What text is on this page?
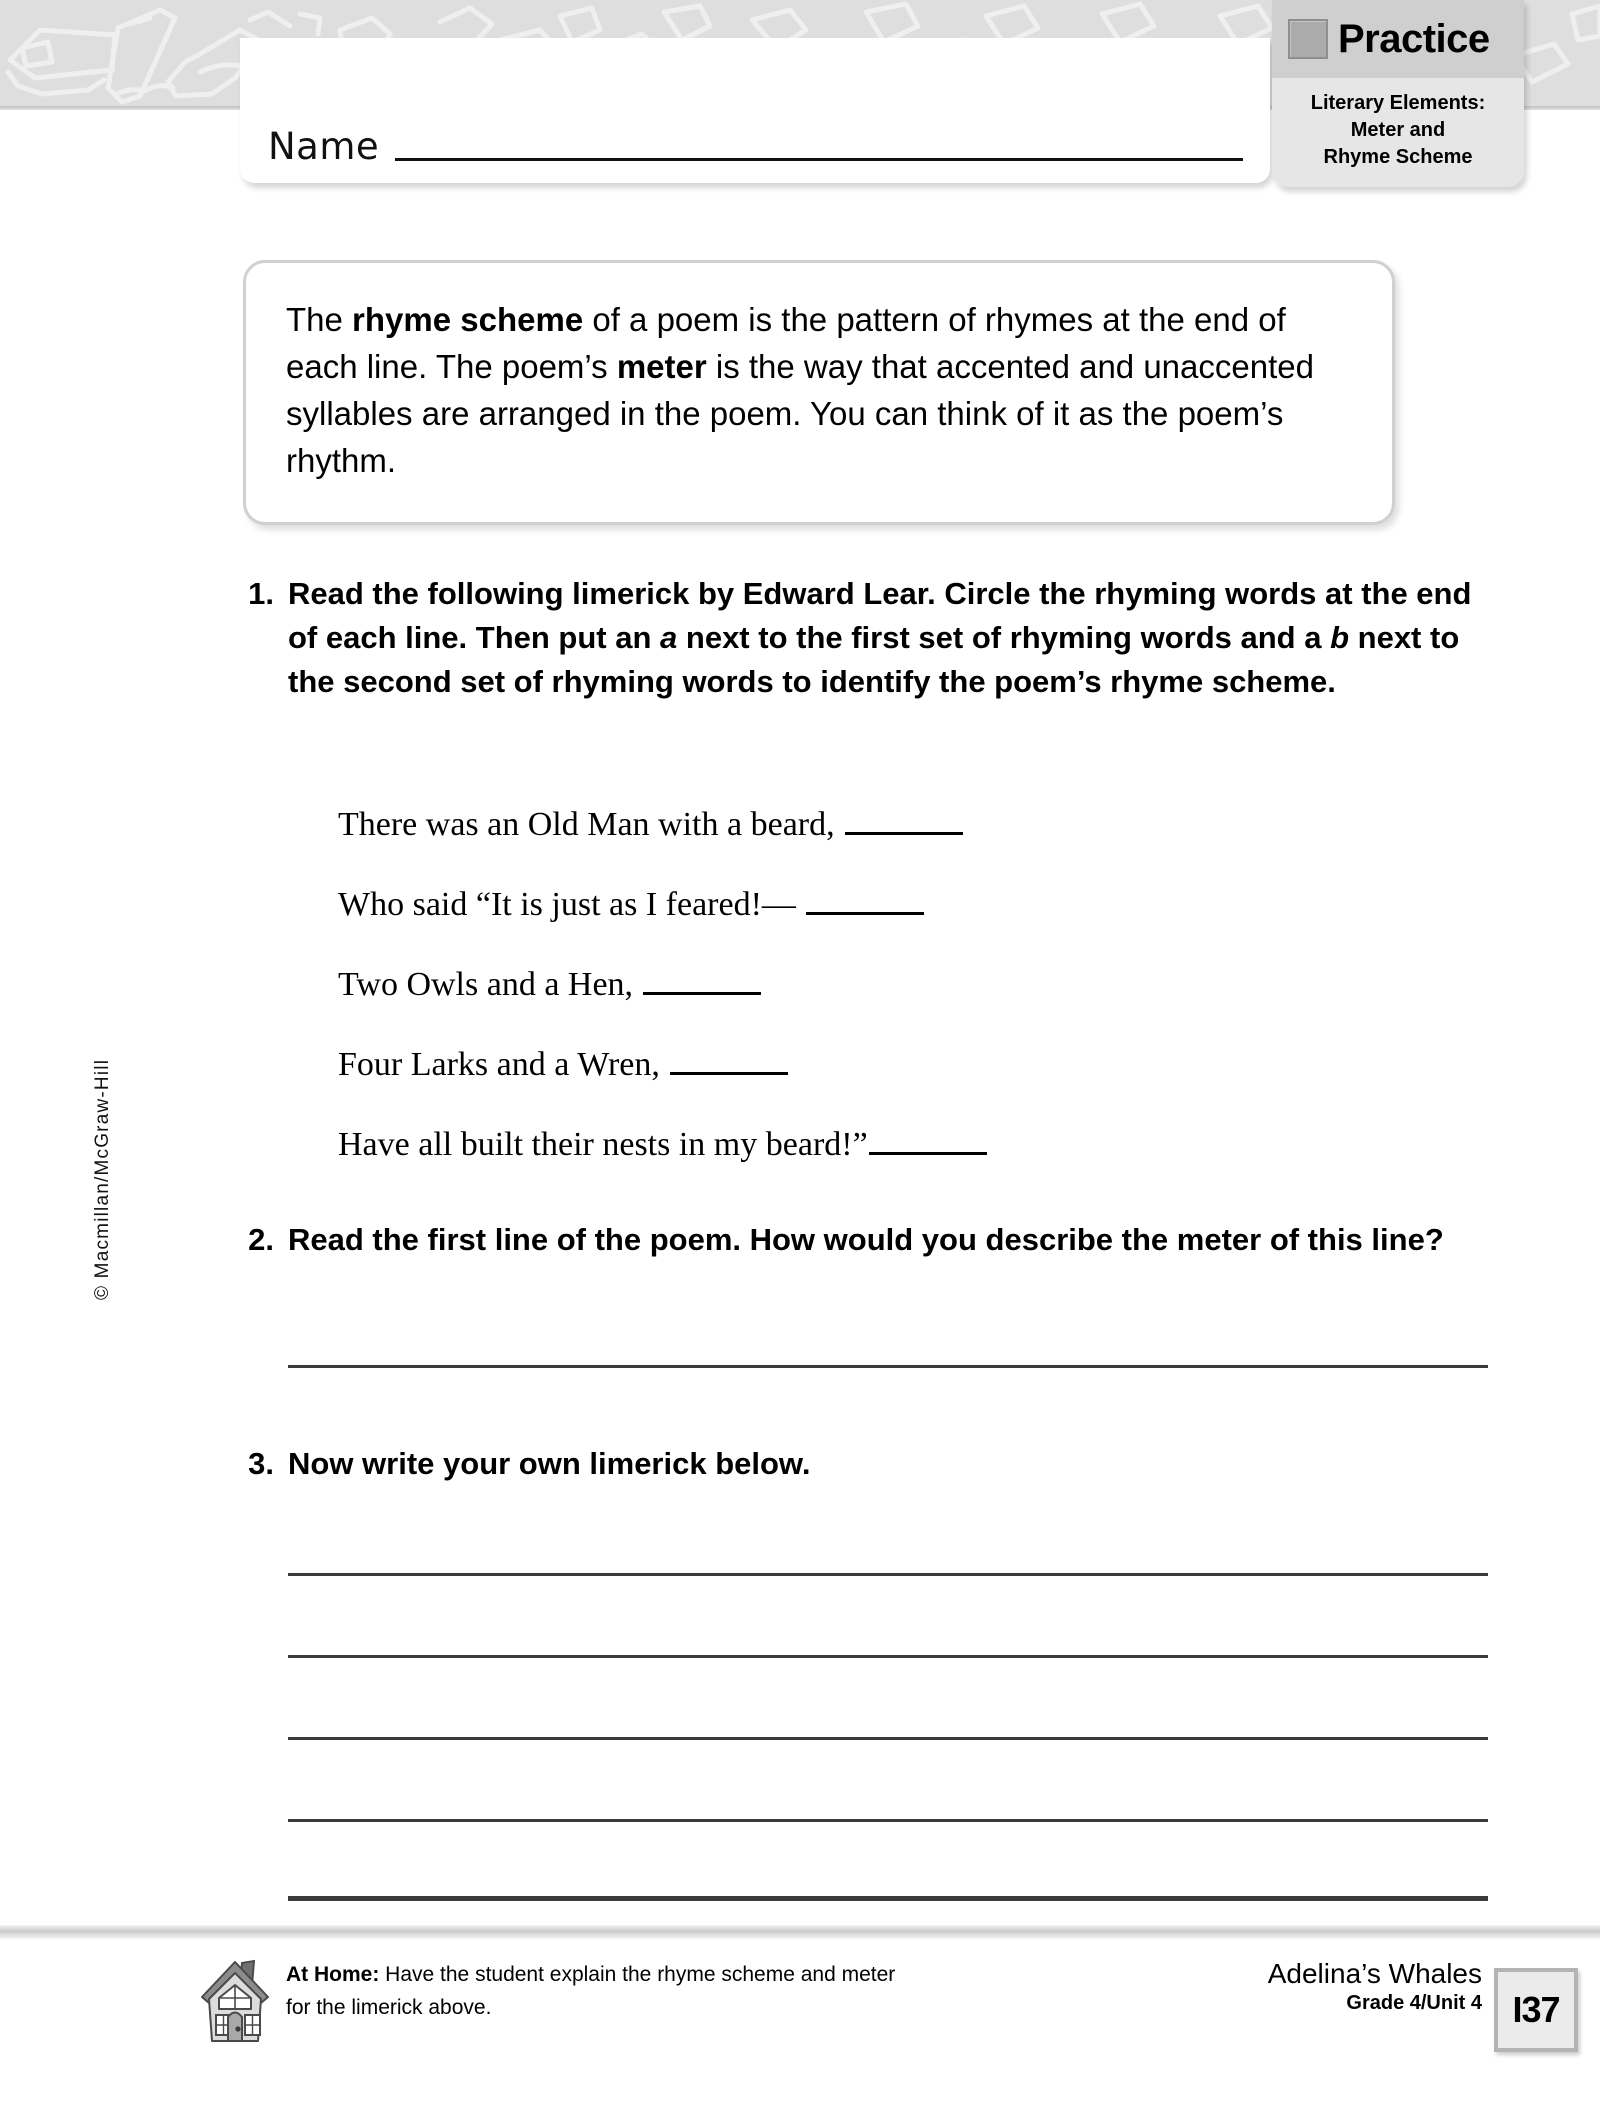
Name
Practice
Literary Elements:
Meter and
Rhyme Scheme

The rhyme scheme of a poem is the pattern of rhymes at the end of each line. The poem’s meter is the way that accented and unaccented syllables are arranged in the poem. You can think of it as the poem’s rhythm.

1. Read the following limerick by Edward Lear. Circle the rhyming words at the end of each line. Then put an a next to the first set of rhyming words and a b next to the second set of rhyming words to identify the poem’s rhyme scheme.
There was an Old Man with a beard,
Who said “It is just as I feared!—
Two Owls and a Hen,
Four Larks and a Wren,
Have all built their nests in my beard!”
2. Read the first line of the poem. How would you describe the meter of this line?
3. Now write your own limerick below.
© Macmillan/McGraw-Hill
At Home: Have the student explain the rhyme scheme and meter for the limerick above.
Adelina’s Whales
Grade 4/Unit 4 I37
